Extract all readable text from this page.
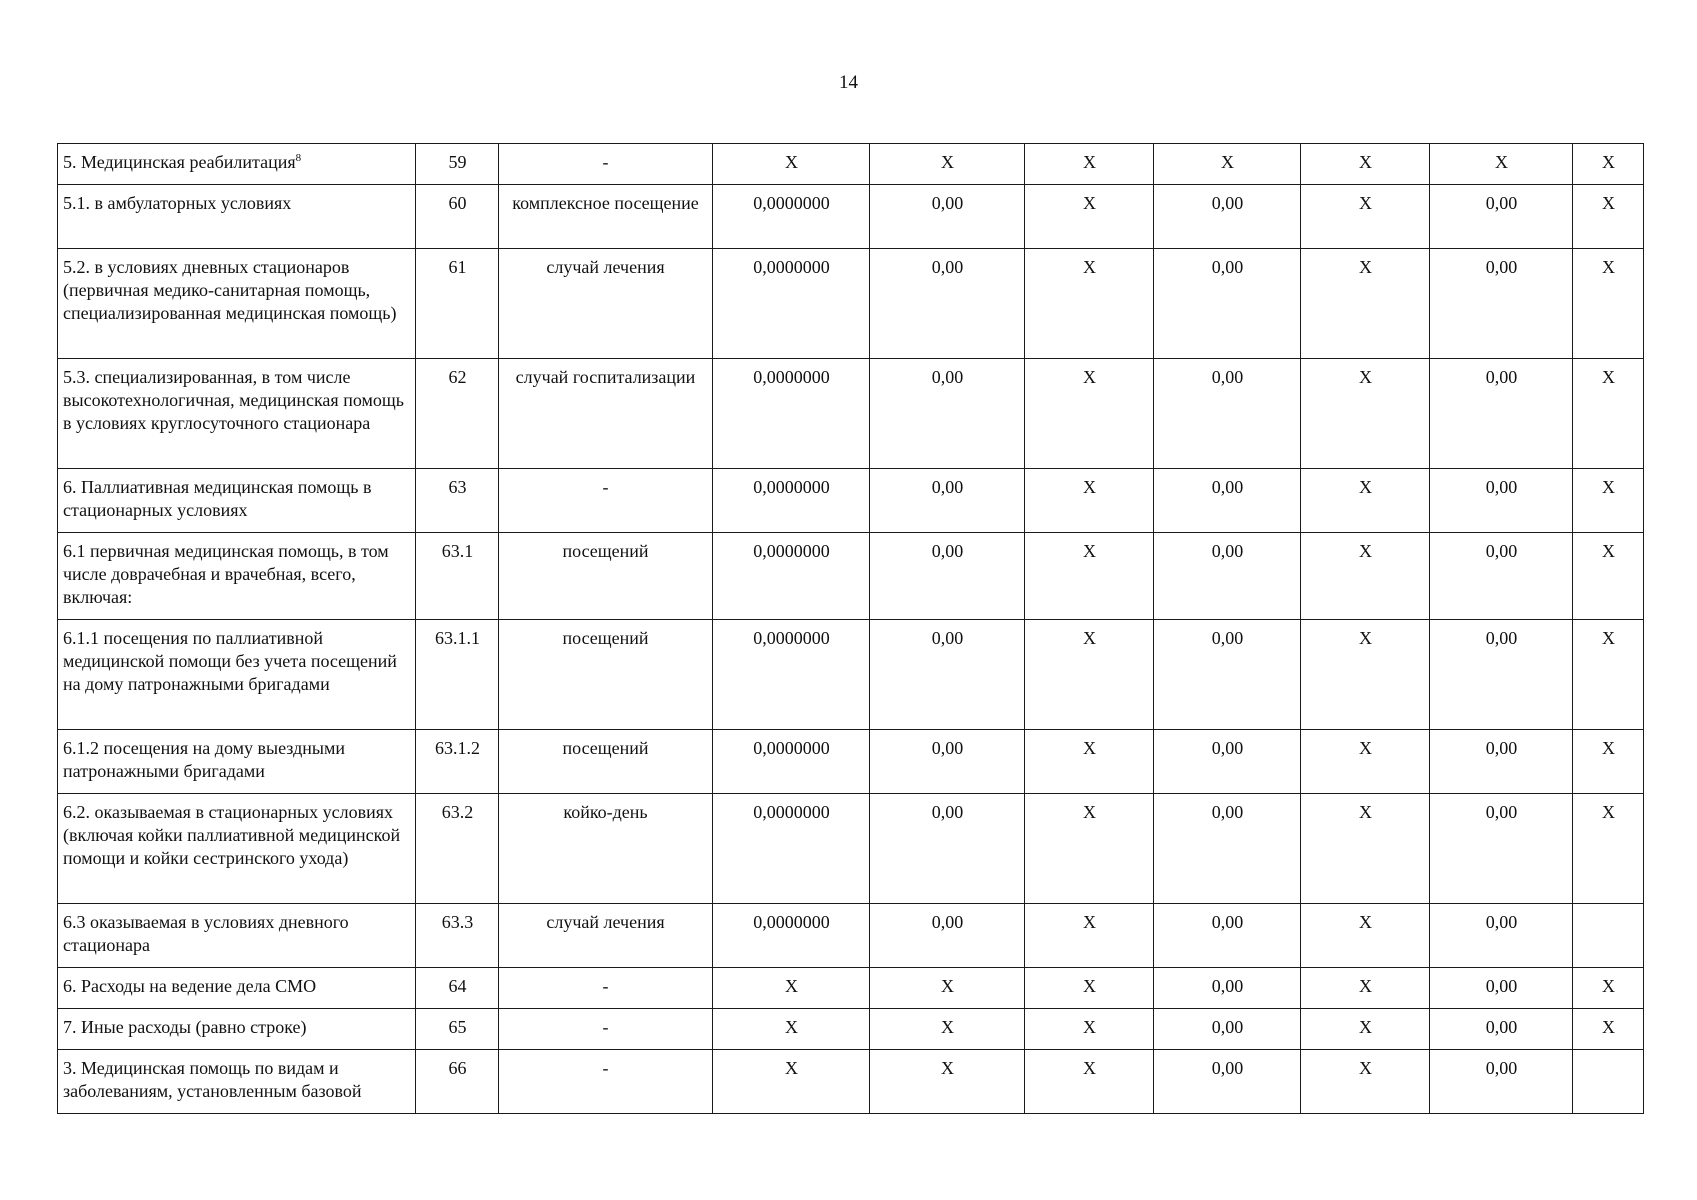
14
5. Медицинская реабилитация$^8$	59	-	X	X	X	X	X	X	X
5.1. в амбулаторных условиях	60	комплексное посещение	0,0000000	0,00	X	0,00	X	0,00	X
5.2. в условиях дневных стационаров (первичная медико-санитарная помощь, специализированная медицинская помощь)	61	случай лечения	0,0000000	0,00	X	0,00	X	0,00	X
5.3. специализированная, в том числе высокотехнологичная, медицинская помощь в условиях круглосуточного стационара	62	случай госпитализации	0,0000000	0,00	X	0,00	X	0,00	X
6. Паллиативная медицинская помощь в стационарных условиях	63	-	0,0000000	0,00	X	0,00	X	0,00	X
6.1 первичная медицинская помощь, в том числе доврачебная и врачебная, всего, включая:	63.1	посещений	0,0000000	0,00	X	0,00	X	0,00	X
6.1.1 посещения по паллиативной медицинской помощи без учета посещений на дому патронажными бригадами	63.1.1	посещений	0,0000000	0,00	X	0,00	X	0,00	X
6.1.2 посещения на дому выездными патронажными бригадами	63.1.2	посещений	0,0000000	0,00	X	0,00	X	0,00	X
6.2. оказываемая в стационарных условиях (включая койки паллиативной медицинской помощи и койки сестринского ухода)	63.2	койко-день	0,0000000	0,00	X	0,00	X	0,00	X
6.3 оказываемая в условиях дневного стационара	63.3	случай лечения	0,0000000	0,00	X	0,00	X	0,00	
6. Расходы на ведение дела СМО	64	-	X	X	X	0,00	X	0,00	X
7. Иные расходы (равно строке)	65	-	X	X	X	0,00	X	0,00	X
3. Медицинская помощь по видам и заболеваниям, установленным базовой	66	-	X	X	X	0,00	X	0,00	
